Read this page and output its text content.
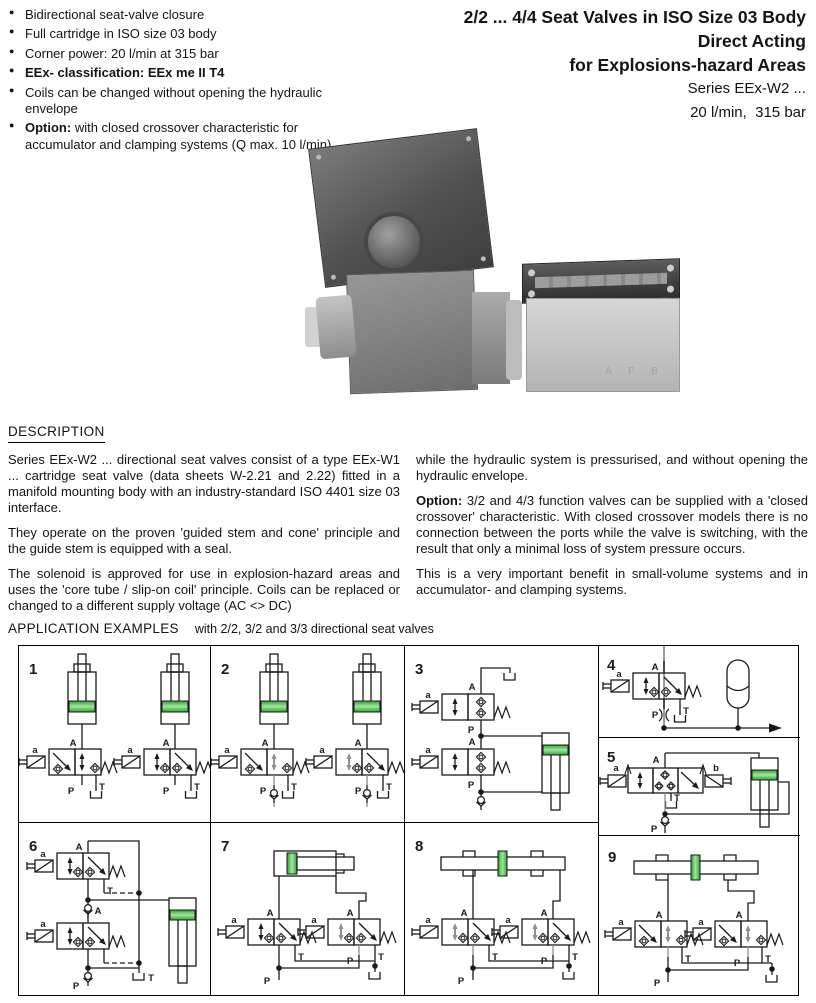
● Bidirectional seat-valve closure
● Full cartridge in ISO size 03 body
● Corner power: 20 l/min at 315 bar
● EEx- classification: EEx me II T4
● Coils can be changed without opening the hydraulic envelope
● Option: with closed crossover characteristic for accumulator and clamping systems (Q max. 10 l/min)
2/2 ... 4/4 Seat Valves in ISO Size 03 Body
Direct Acting
for Explosions-hazard Areas
Series EEx-W2 ...
20 l/min,  315 bar
A P B
DESCRIPTION

Series EEx-W2 ... directional seat valves consist of a type EEx-W1 ... cartridge seat valve (data sheets W-2.21 and 2.22) fitted in a manifold mounting body with an industry-standard ISO 4401 size 03 interface.

They operate on the proven 'guided stem and cone' principle and the guide stem is equipped with a seal.

The solenoid is approved for use in explosion-hazard areas and uses the 'core tube / slip-on coil' principle. Coils can be replaced or changed to a different supply voltage (AC <> DC)

while the hydraulic system is pressurised, and without opening the hydraulic envelope.

Option: 3/2 and 4/3 function valves can be supplied with a 'closed crossover' characteristic. With closed crossover models there is no connection between the ports while the valve is switching, with the result that only a minimal loss of system pressure occurs.

This is a very important benefit in small-volume systems and in accumulator- and clamping systems.

APPLICATION EXAMPLES with 2/2, 3/2 and 3/3 directional seat valves
1
a
A
P	T
a
A
P	T
2
a
A
P	T
a
A
P	T
3
a
A
P
a
A
P
4
a
A
P	T
5
a	b
A
T
P
6 a
A
T
T
A
a
P
7
a
A
T
a
A
P	T
P
8
a
A
T
a
A
P	T
P
9
a
A
T
a
A
P	T
P
